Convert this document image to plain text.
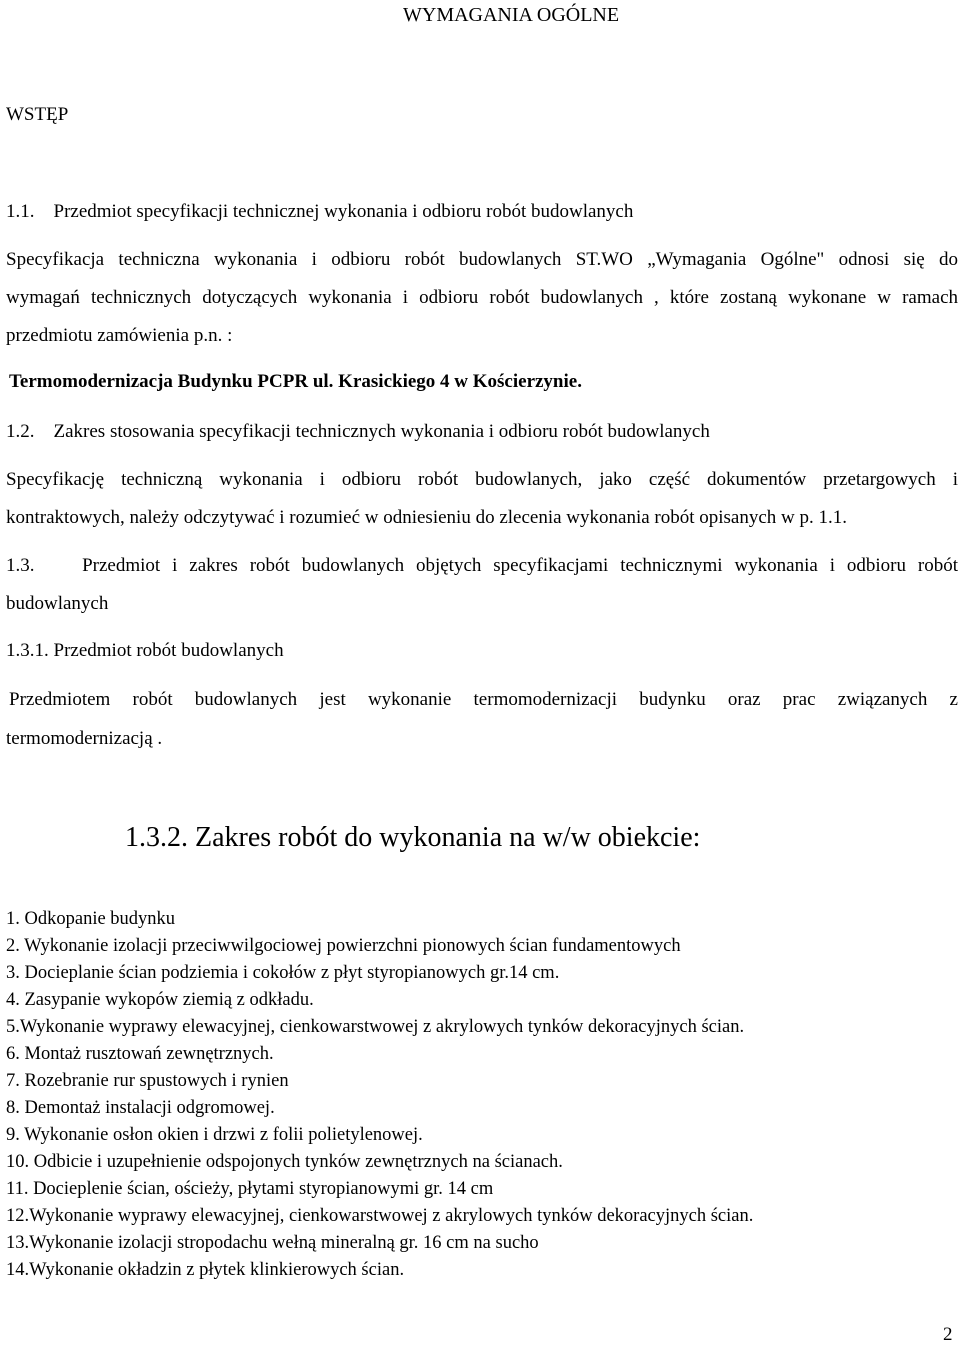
WYMAGANIA OGÓLNE
WSTĘP
1.1.    Przedmiot specyfikacji technicznej wykonania i odbioru robót budowlanych
Specyfikacja techniczna wykonania i odbioru robót budowlanych ST.WO „Wymagania Ogólne" odnosi się do
wymagań technicznych dotyczących wykonania i odbioru robót budowlanych , które zostaną wykonane w ramach
przedmiotu zamówienia p.n. :
Termomodernizacja Budynku PCPR ul. Krasickiego 4 w Kościerzynie.
1.2.    Zakres stosowania specyfikacji technicznych wykonania i odbioru robót budowlanych
Specyfikację techniczną wykonania i odbioru robót budowlanych, jako część dokumentów przetargowych i
kontraktowych, należy odczytywać i rozumieć w odniesieniu do zlecenia wykonania robót opisanych w p. 1.1.
1.3.    Przedmiot i zakres robót budowlanych objętych specyfikacjami technicznymi wykonania i odbioru robót
budowlanych
1.3.1. Przedmiot robót budowlanych
Przedmiotem robót budowlanych jest wykonanie termomodernizacji budynku oraz prac związanych z
termomodernizacją .
1.3.2. Zakres robót do wykonania na w/w obiekcie:
1. Odkopanie budynku
2. Wykonanie izolacji przeciwwilgociowej powierzchni pionowych ścian fundamentowych
3. Docieplanie ścian podziemia i cokołów z płyt styropianowych gr.14 cm.
4. Zasypanie wykopów ziemią z odkładu.
5.Wykonanie wyprawy elewacyjnej, cienkowarstwowej z akrylowych tynków dekoracyjnych ścian.
6. Montaż rusztowań zewnętrznych.
7. Rozebranie rur spustowych i rynien
8. Demontaż instalacji odgromowej.
9. Wykonanie osłon okien i drzwi z folii polietylenowej.
10. Odbicie i uzupełnienie odspojonych tynków zewnętrznych na ścianach.
11. Docieplenie ścian, ościeży, płytami styropianowymi gr. 14 cm
12.Wykonanie wyprawy elewacyjnej, cienkowarstwowej z akrylowych tynków dekoracyjnych ścian.
13.Wykonanie izolacji stropodachu wełną mineralną gr. 16 cm na sucho
14.Wykonanie okładzin z płytek klinkierowych ścian.
2
